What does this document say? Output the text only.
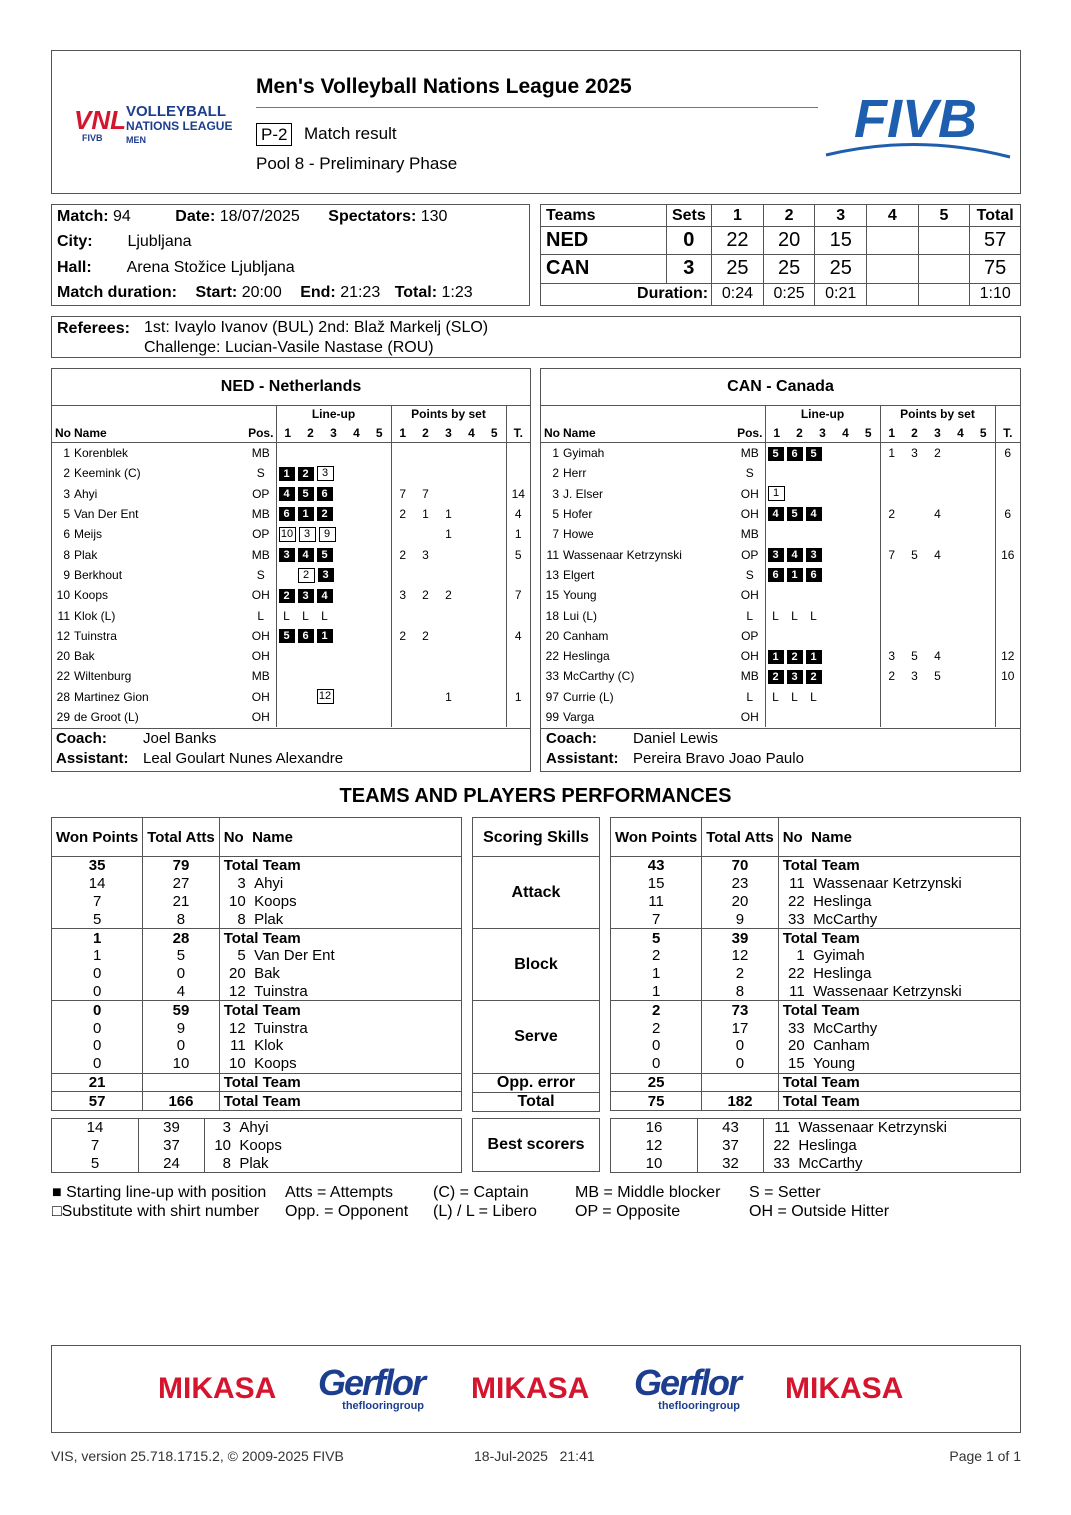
VNL
FIVB
VOLLEYBALL
NATIONS LEAGUE
MEN
Men's Volleyball Nations League 2025
P-2 Match result
Pool 8 - Preliminary Phase
FIVB
Match: 94	Date: 18/07/2025 Spectators: 130
City: Ljubljana
Hall: Arena Stožice Ljubljana
Match duration: Start: 20:00 End: 21:23 Total: 1:23
Teams	Sets	1	2	3	4	5	Total
NED	0	22	20	15			57
CAN	3	25	25	25			75
Duration:		0:24	0:25	0:21			1:10
Referees: 1st: Ivaylo Ivanov (BUL) 2nd: Blaž Markelj (SLO)
Challenge: Lucian-Vasile Nastase (ROU)
NED - Netherlands
			Line-up					Points by set					
No	Name	Pos.	1	2	3	4	5	1	2	3	4	5	T.
1	Korenblek	MB											
2	Keemink (C)	S	1 2 3										
3	Ahyi	OP	4 5 6					7	7				14
5	Van Der Ent	MB	6 1 2					2	1	1			4
6	Meijs	OP	10 3 9							1			1
8	Plak	MB	3 4 5					2	3				5
9	Berkhout	S	2 3										
10	Koops	OH	2 3 4					3	2	2			7
11	Klok (L)	L	L L L										
12	Tuinstra	OH	5 6 1					2	2				4
20	Bak	OH											
22	Wiltenburg	MB											
28	Martinez Gion	OH	12							1			1
29	de Groot (L)	OH											
Coach: Joel Banks
Assistant: Leal Goulart Nunes Alexandre
CAN - Canada
			Line-up					Points by set					
No	Name	Pos.	1	2	3	4	5	1	2	3	4	5	T.
1	Gyimah	MB	5 6 5					1	3	2			6
2	Herr	S											
3	J. Elser	OH	1										
5	Hofer	OH	4 5 4					2		4			6
7	Howe	MB											
11	Wassenaar Ketrzynski	OP	3 4 3					7	5	4			16
13	Elgert	S	6 1 6										
15	Young	OH											
18	Lui (L)	L	L L L										
20	Canham	OP											
22	Heslinga	OH	1 2 1					3	5	4			12
33	McCarthy (C)	MB	2 3 2					2	3	5			10
97	Currie (L)	L	L L L										
99	Varga	OH											
Coach: Daniel Lewis
Assistant: Pereira Bravo Joao Paulo
TEAMS AND PLAYERS PERFORMANCES
Won Points	Total Atts	No Name
35	79	Total Team
14	27	3 Ahyi
7	21	10 Koops
5	8	8 Plak
1	28	Total Team
1	5	5 Van Der Ent
0	0	20 Bak
0	4	12 Tuinstra
0	59	Total Team
0	9	12 Tuinstra
0	0	11 Klok
0	10	10 Koops
21		Total Team
57	166	Total Team
Scoring Skills
Attack
Block
Serve
Opp. error
Total
Won Points	Total Atts	No Name
43	70	Total Team
15	23	11 Wassenaar Ketrzynski
11	20	22 Heslinga
7	9	33 McCarthy
5	39	Total Team
2	12	1 Gyimah
1	2	22 Heslinga
1	8	11 Wassenaar Ketrzynski
2	73	Total Team
2	17	33 McCarthy
0	0	20 Canham
0	0	15 Young
25		Total Team
75	182	Total Team
14	39	3 Ahyi
7	37	10 Koops
5	24	8 Plak
Best scorers
16	43	11 Wassenaar Ketrzynski
12	37	22 Heslinga
10	32	33 McCarthy
■ Starting line-up with position	Atts = Attempts	(C) = Captain	MB = Middle blocker	S = Setter
□Substitute with shirt number	Opp. = Opponent	(L) / L = Libero	OP = Opposite	OH = Outside Hitter
MIKASA Gerflor
theflooringroup
MIKASA Gerflor
theflooringroup
MIKASA
VIS, version 25.718.1715.2, © 2009-2025 FIVB	18-Jul-2025   21:41	Page 1 of 1
